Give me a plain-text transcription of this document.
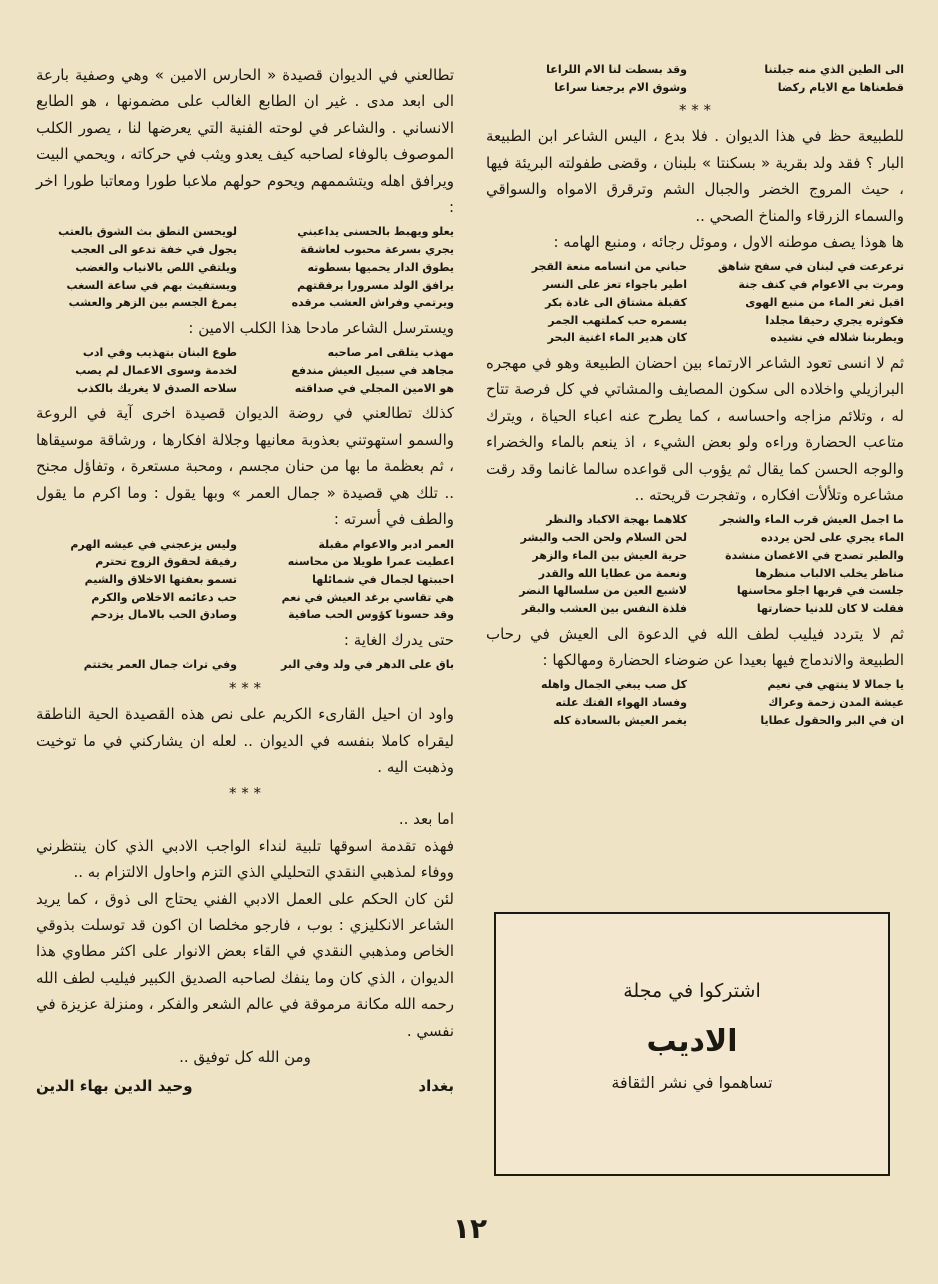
الى الطين الذي منه جبلتنا
وقد بسطت لنا الام اللراعا
قطعناها مع الايام ركضا
وشوق الام يرجعنا سراعا
* * *

للطبيعة حظ في هذا الديوان . فلا بدع ، اليس الشاعر ابن الطبيعة البار ؟ فقد ولد بقرية « بسكنتا » بلبنان ، وقضى طفولته البريئة فيها ، حيث المروج الخضر والجبال الشم وترقرق الامواه والسواقي والسماء الزرقاء والمناخ الصحي ..

ها هوذا يصف موطنه الاول ، وموئل رجائه ، ومنبع الهامه :

ترعرعت في لبنان في سفح شاهق
حباني من انسامه منعة القجر
ومرت بي الاعوام في كنف جنة
اطير باجواء تعز على النسر
اقبل ثغر الماء من منبع الهوى
كقبلة مشتاق الى غادة بكر
فكوثره يجري رحيقا مجلدا
يسمره حب كملتهب الجمر
ويطربنا شلاله في نشيده
كان هدير الماء اغنية البحر

ثم لا انسى تعود الشاعر الارتماء بين احضان الطبيعة وهو في مهجره البرازيلي واخلاده الى سكون المصايف والمشاتي في كل فرصة تتاح له ، وتلائم مزاجه واحساسه ، كما يطرح عنه اعباء الحياة ، ويترك متاعب الحضارة وراءه ولو بعض الشيء ، اذ ينعم بالماء والخضراء والوجه الحسن كما يقال ثم يؤوب الى قواعده سالما غانما وقد رقت مشاعره وتلألأت افكاره ، وتفجرت قريحته ..

ما اجمل العيش قرب الماء والشجر
كلاهما بهجة الاكباد والنظر
الماء يجري على لحن يردده
لحن السلام ولحن الحب والبشر
والطير تصدح في الاغصان منشدة
حرية العيش بين الماء والزهر
مناظر يخلب الالباب منظرها
ونعمة من عطايا الله والقدر
جلست في قربها اجلو محاسنها
لاشبع العين من سلسالها النضر
فقلت لا كان للدنيا حضارتها
فلذة النفس بين العشب والبقر

ثم لا يتردد فيليب لطف الله في الدعوة الى العيش في رحاب الطبيعة والاندماج فيها بعيدا عن ضوضاء الحضارة ومهالكها :

يا جمالا لا ينتهي في نعيم
كل صب يبغي الجمال واهله
عيشة المدن زحمة وعراك
وفساد الهواء الفتك علته
ان في البر والحقول عطايا
يغمر العيش بالسعادة كله

تطالعني في الديوان قصيدة « الحارس الامين » وهي وصفية بارعة الى ابعد مدى . غير ان الطابع الغالب على مضمونها ، هو الطابع الانساني . والشاعر في لوحته الفنية التي يعرضها لنا ، يصور الكلب الموصوف بالوفاء لصاحبه كيف يعدو ويثب في حركاته ، ويحمي البيت ويرافق اهله ويتشممهم ويحوم حولهم ملاعبا طورا ومعاتبا طورا اخر :

يعلو ويهبط بالحسنى يداعبني
لويحسن النطق بث الشوق بالعتب
يجري بسرعة محبوب لعاشقة
يجول في خفة تدعو الى العجب
يطوق الدار يحميها بسطوته
ويلتقي اللص بالانياب والغضب
يرافق الولد مسرورا برفقتهم
ويستفيث بهم في ساعة السغب
ويرتمي وفراش العشب مرقده
يمرغ الجسم بين الزهر والعشب

ويسترسل الشاعر مادحا هذا الكلب الامين :

مهذب يتلقى امر صاحبه
طوع البنان بتهذيب وفي ادب
مجاهد في سبيل العيش مندفع
لخدمة وسوى الاعمال لم يصب
هو الامين المجلي في صداقته
سلاحه الصدق لا يغريك بالكذب

كذلك تطالعني في روضة الديوان قصيدة اخرى آية في الروعة والسمو استهوتني بعذوبة معانيها وجلالة افكارها ، ورشاقة موسيقاها ، ثم بعظمة ما بها من حنان مجسم ، ومحبة مستعرة ، وتفاؤل مجنح .. تلك هي قصيدة « جمال العمر » وبها يقول : وما اكرم ما يقول والطف في أسرته :

العمر ادبر والاعوام مقبلة
وليس يزعجني في عيشه الهرم
اعطيت عمرا طويلا من محاسنه
رفيقة لحقوق الزوج تحترم
احببتها لجمال في شمائلها
تسمو بعفتها الاخلاق والشيم
هي تقاسي برغد العيش في نعم
حب دعائمه الاخلاص والكرم
وقد حسونا كؤوس الحب صافية
وصادق الحب بالامال يزدحم

حتى يدرك الغاية :

باق على الدهر في ولد وفي البر
وفي تراث جمال العمر يختتم
* * *

واود ان احيل القارىء الكريم على نص هذه القصيدة الحية الناطقة ليقراه كاملا بنفسه في الديوان .. لعله ان يشاركني في ما توخيت وذهبت اليه .

* * *

اما بعد ..

فهذه تقدمة اسوقها تلبية لنداء الواجب الادبي الذي كان ينتظرني ووفاء لمذهبي النقدي التحليلي الذي التزم واحاول الالتزام به ..

لئن كان الحكم على العمل الادبي الفني يحتاج الى ذوق ، كما يريد الشاعر الانكليزي : بوب ، فارجو مخلصا ان اكون قد توسلت بذوقي الخاص ومذهبي النقدي في القاء بعض الانوار على اكثر مطاوي هذا الديوان ، الذي كان وما ينفك لصاحبه الصديق الكبير فيليب لطف الله رحمه الله مكانة مرموقة في عالم الشعر والفكر ، ومنزلة عزيزة في نفسي .

ومن الله كل توفيق ..

بغداد
وحيد الدين بهاء الدين
اشتركوا في مجلة
الاديب
تساهموا في نشر الثقافة
١٢
